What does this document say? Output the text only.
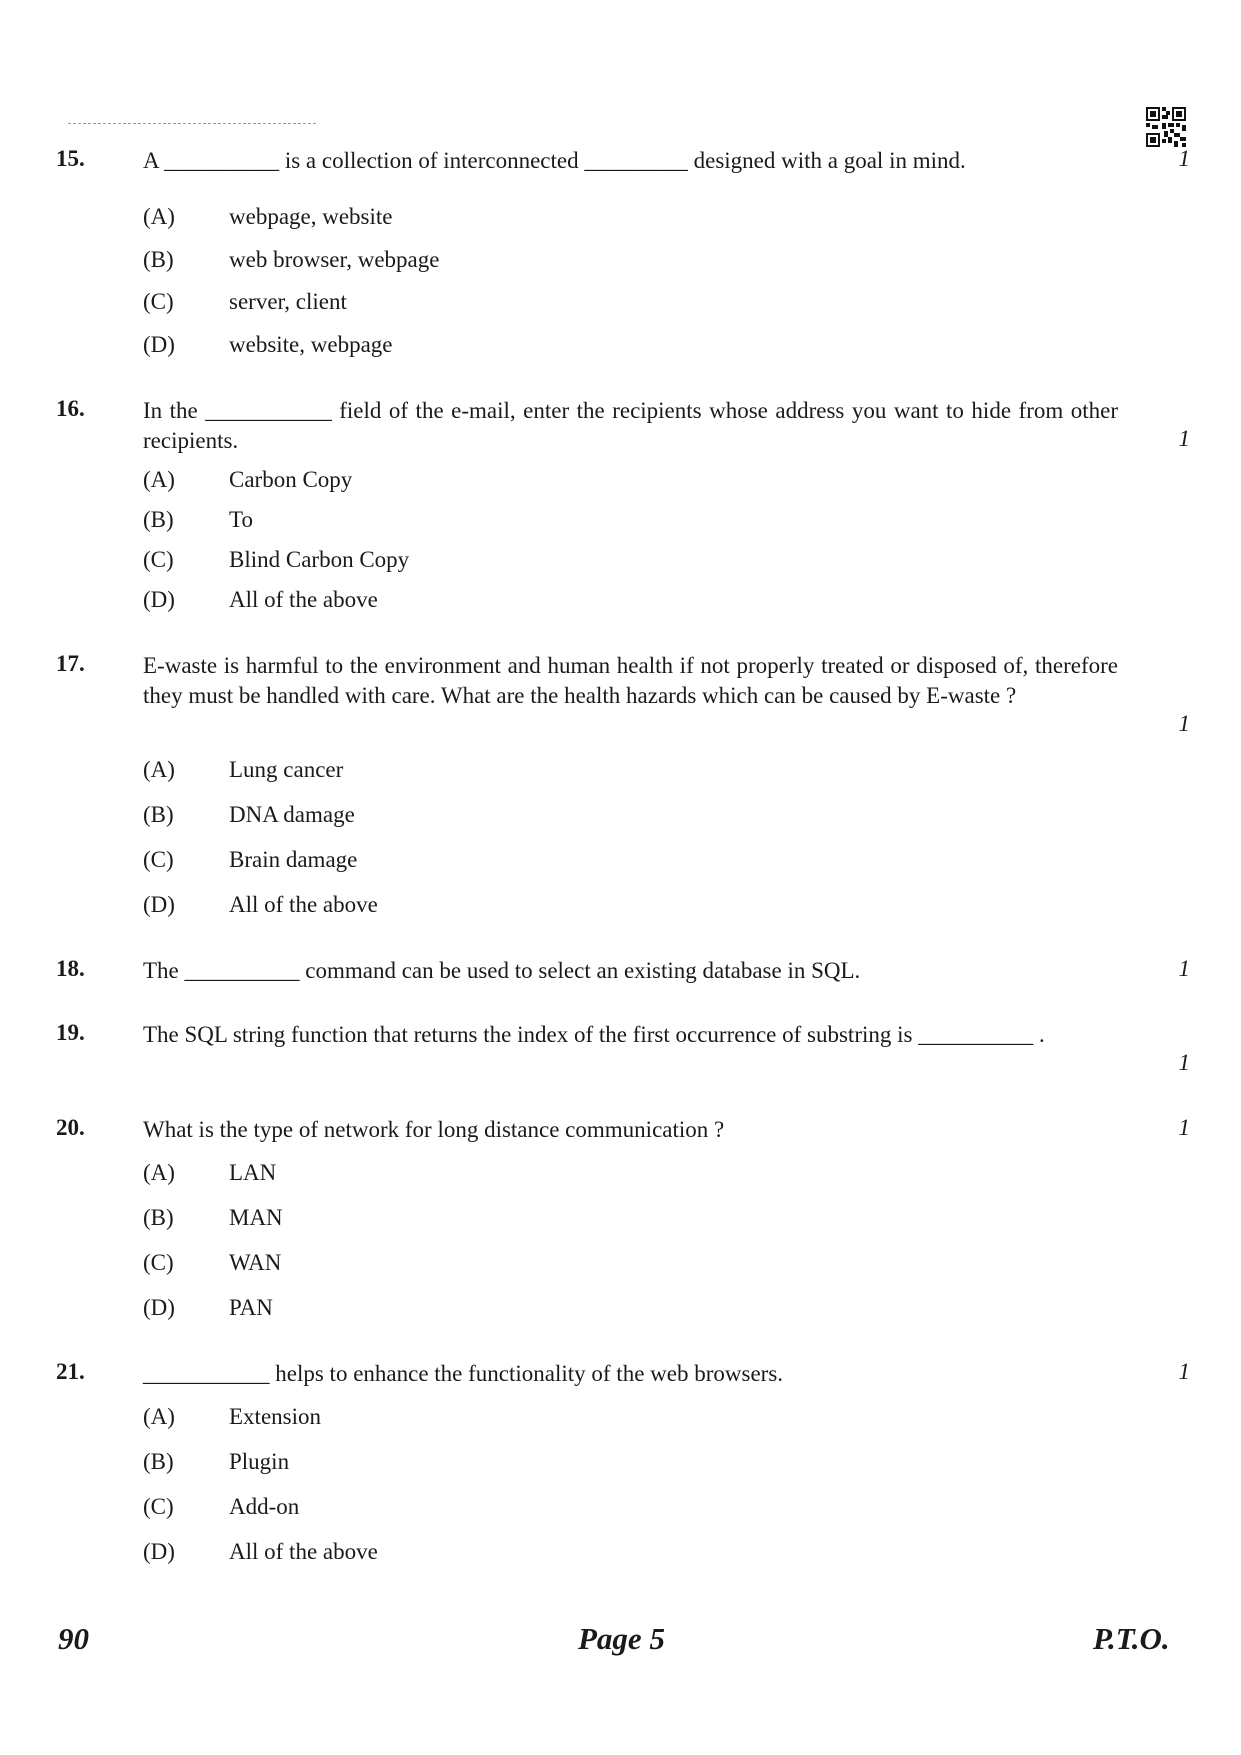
15.	A __________ is a collection of interconnected _________ designed with a goal in mind.	1
(A) webpage, website
(B) web browser, webpage
(C) server, client
(D) website, webpage
16.	In the ___________ field of the e-mail, enter the recipients whose address you want to hide from other recipients.	1
(A) Carbon Copy
(B) To
(C) Blind Carbon Copy
(D) All of the above
17.	E-waste is harmful to the environment and human health if not properly treated or disposed of, therefore they must be handled with care. What are the health hazards which can be caused by E-waste ?
1
(A) Lung cancer
(B) DNA damage
(C) Brain damage
(D) All of the above
18.	The __________ command can be used to select an existing database in SQL.	1
19.	The SQL string function that returns the index of the first occurrence of substring is __________ .
1
20.	What is the type of network for long distance communication ?	1
(A) LAN
(B) MAN
(C) WAN
(D) PAN
21.	___________ helps to enhance the functionality of the web browsers.	1
(A) Extension
(B) Plugin
(C) Add-on
(D) All of the above
90	Page 5	P.T.O.
